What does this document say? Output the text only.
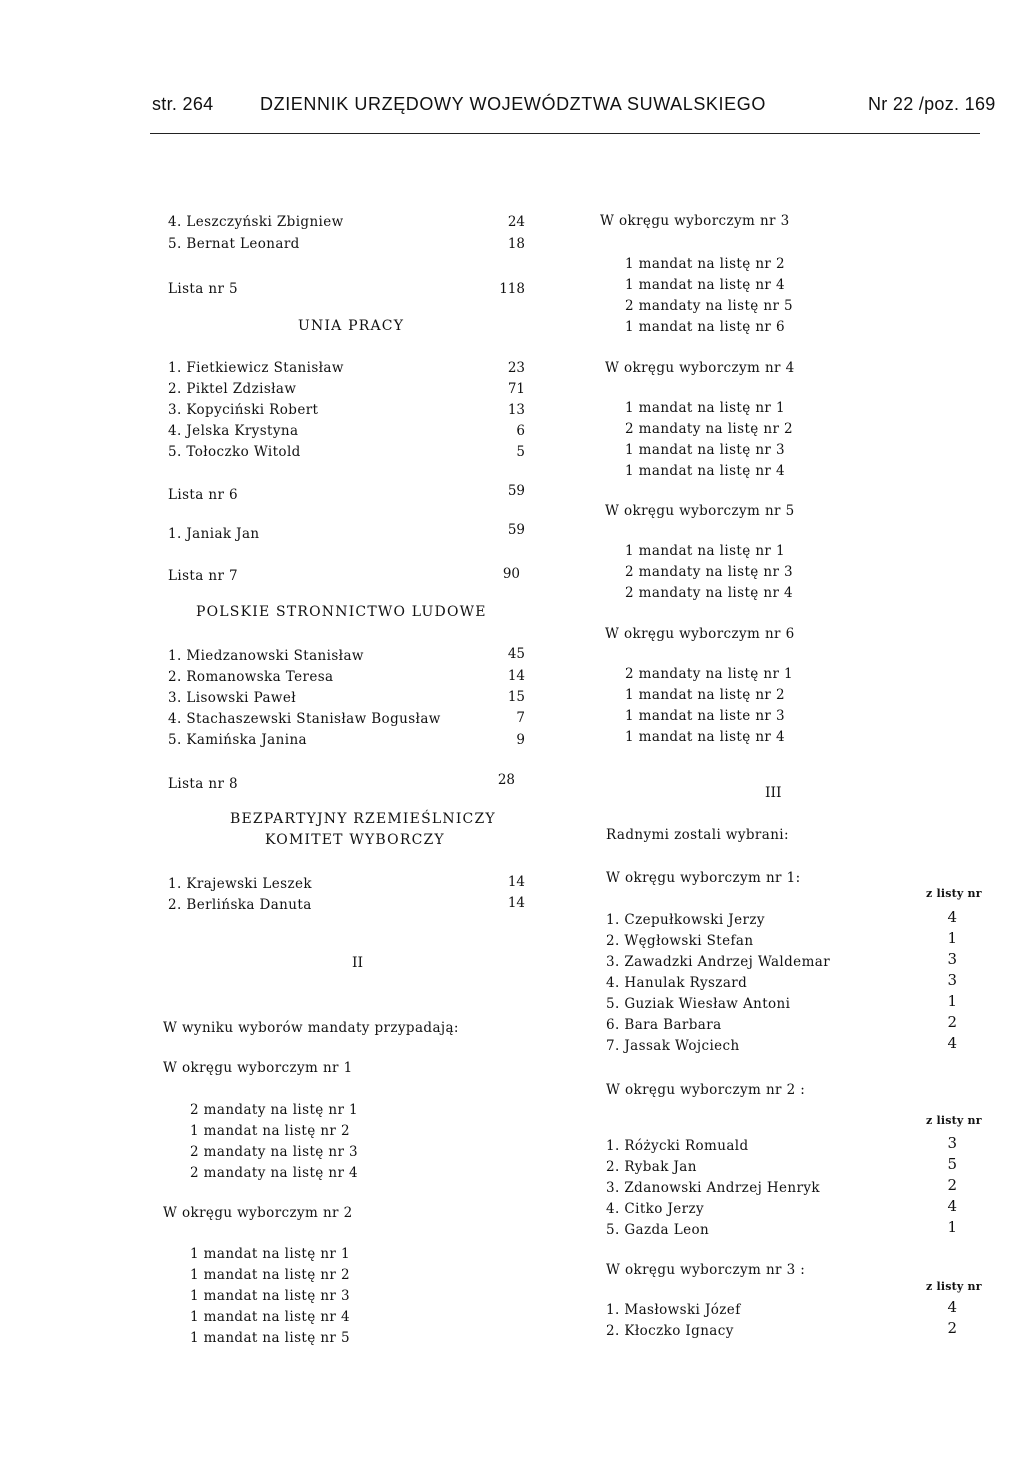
str. 264	DZIENNIK URZĘDOWY WOJEWÓDZTWA SUWALSKIEGO	Nr 22 /poz. 169
4. Leszczyński Zbigniew	24
5. Bernat Leonard	18
Lista nr 5	118
UNIA PRACY
1. Fietkiewicz Stanisław	23
2. Piktel Zdzisław	71
3. Kopyciński Robert	13
4. Jelska Krystyna	6
5. Tołoczko Witold	5
Lista nr 6	59
1. Janiak Jan	59
Lista nr 7	90
POLSKIE STRONNICTWO LUDOWE
1. Miedzanowski Stanisław	45
2. Romanowska Teresa	14
3. Lisowski Paweł	15
4. Stachaszewski Stanisław Bogusław	7
5. Kamińska Janina	9
Lista nr 8	28
BEZPARTYJNY RZEMIEŚLNICZY
KOMITET WYBORCZY
1. Krajewski Leszek	14
2. Berlińska Danuta	14
II
W wyniku wyborów mandaty przypadają:
W okręgu wyborczym nr 1
2 mandaty na listę nr 1
1 mandat na listę nr 2
2 mandaty na listę nr 3
2 mandaty na listę nr 4
W okręgu wyborczym nr 2
1 mandat na listę nr 1
1 mandat na listę nr 2
1 mandat na listę nr 3
1 mandat na listę nr 4
1 mandat na listę nr 5
W okręgu wyborczym nr 3
1 mandat na listę nr 2
1 mandat na listę nr 4
2 mandaty na listę nr 5
1 mandat na listę nr 6
W okręgu wyborczym nr 4
1 mandat na listę nr 1
2 mandaty na listę nr 2
1 mandat na listę nr 3
1 mandat na listę nr 4
W okręgu wyborczym nr 5
1 mandat na listę nr 1
2 mandaty na listę nr 3
2 mandaty na listę nr 4
W okręgu wyborczym nr 6
2 mandaty na listę nr 1
1 mandat na listę nr 2
1 mandat na liste nr 3
1 mandat na listę nr 4
III
Radnymi zostali wybrani:
W okręgu wyborczym nr 1:
z listy nr
1. Czepułkowski Jerzy	4
2. Węgłowski Stefan	1
3. Zawadzki Andrzej Waldemar	3
4. Hanulak Ryszard	3
5. Guziak Wiesław Antoni	1
6. Bara Barbara	2
7. Jassak Wojciech	4
W okręgu wyborczym nr 2 :
z listy nr
1. Różycki Romuald	3
2. Rybak Jan	5
3. Zdanowski Andrzej Henryk	2
4. Citko Jerzy	4
5. Gazda Leon	1
W okręgu wyborczym nr 3 :
z listy nr
1. Masłowski Józef	4
2. Kłoczko Ignacy	2
